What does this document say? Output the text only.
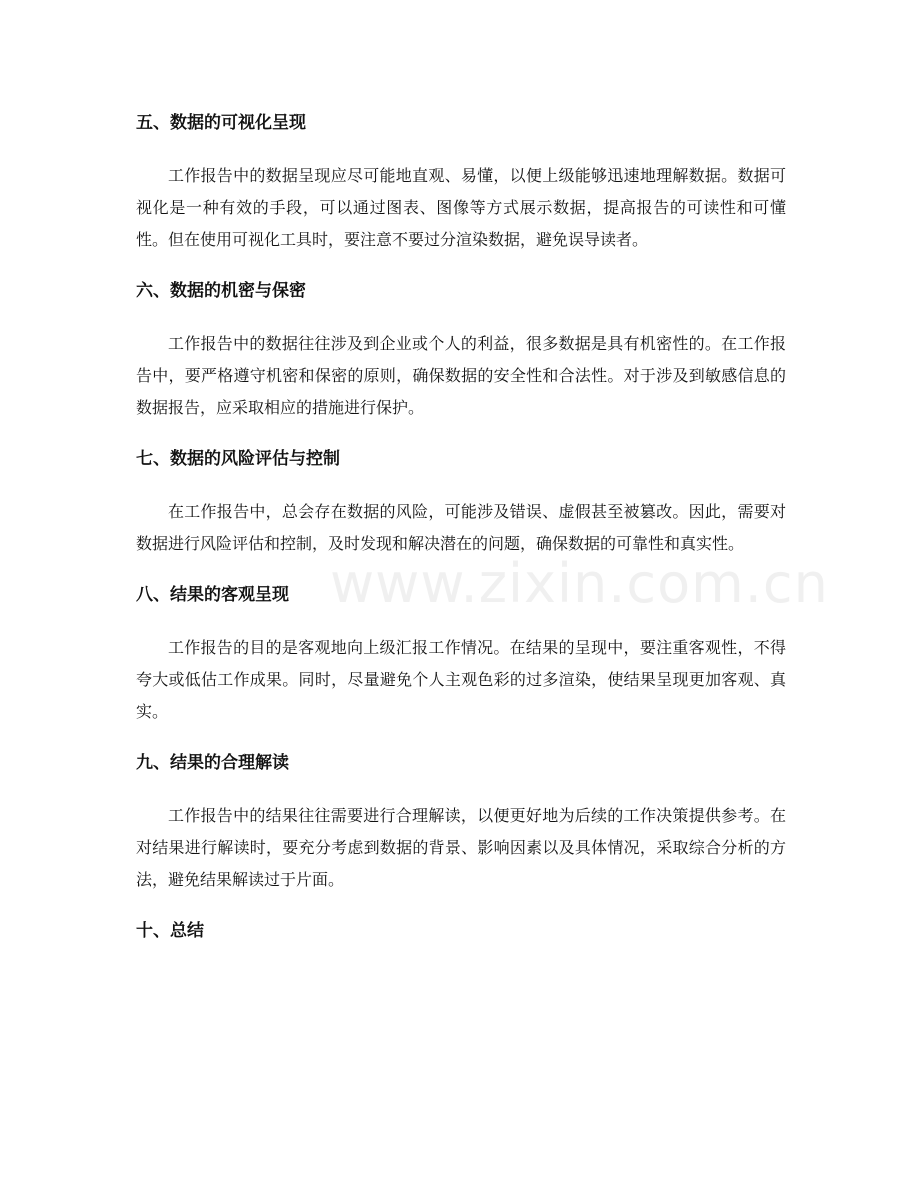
五、数据的可视化呈现

工作报告中的数据呈现应尽可能地直观、易懂，以便上级能够迅速地理解数据。数据可视化是一种有效的手段，可以通过图表、图像等方式展示数据，提高报告的可读性和可懂性。但在使用可视化工具时，要注意不要过分渲染数据，避免误导读者。

六、数据的机密与保密

工作报告中的数据往往涉及到企业或个人的利益，很多数据是具有机密性的。在工作报告中，要严格遵守机密和保密的原则，确保数据的安全性和合法性。对于涉及到敏感信息的数据报告，应采取相应的措施进行保护。

七、数据的风险评估与控制

在工作报告中，总会存在数据的风险，可能涉及错误、虚假甚至被篡改。因此，需要对数据进行风险评估和控制，及时发现和解决潜在的问题，确保数据的可靠性和真实性。

八、结果的客观呈现

工作报告的目的是客观地向上级汇报工作情况。在结果的呈现中，要注重客观性，不得夸大或低估工作成果。同时，尽量避免个人主观色彩的过多渲染，使结果呈现更加客观、真实。

九、结果的合理解读

工作报告中的结果往往需要进行合理解读，以便更好地为后续的工作决策提供参考。在对结果进行解读时，要充分考虑到数据的背景、影响因素以及具体情况，采取综合分析的方法，避免结果解读过于片面。

十、总结
www.zixin.com.cn
